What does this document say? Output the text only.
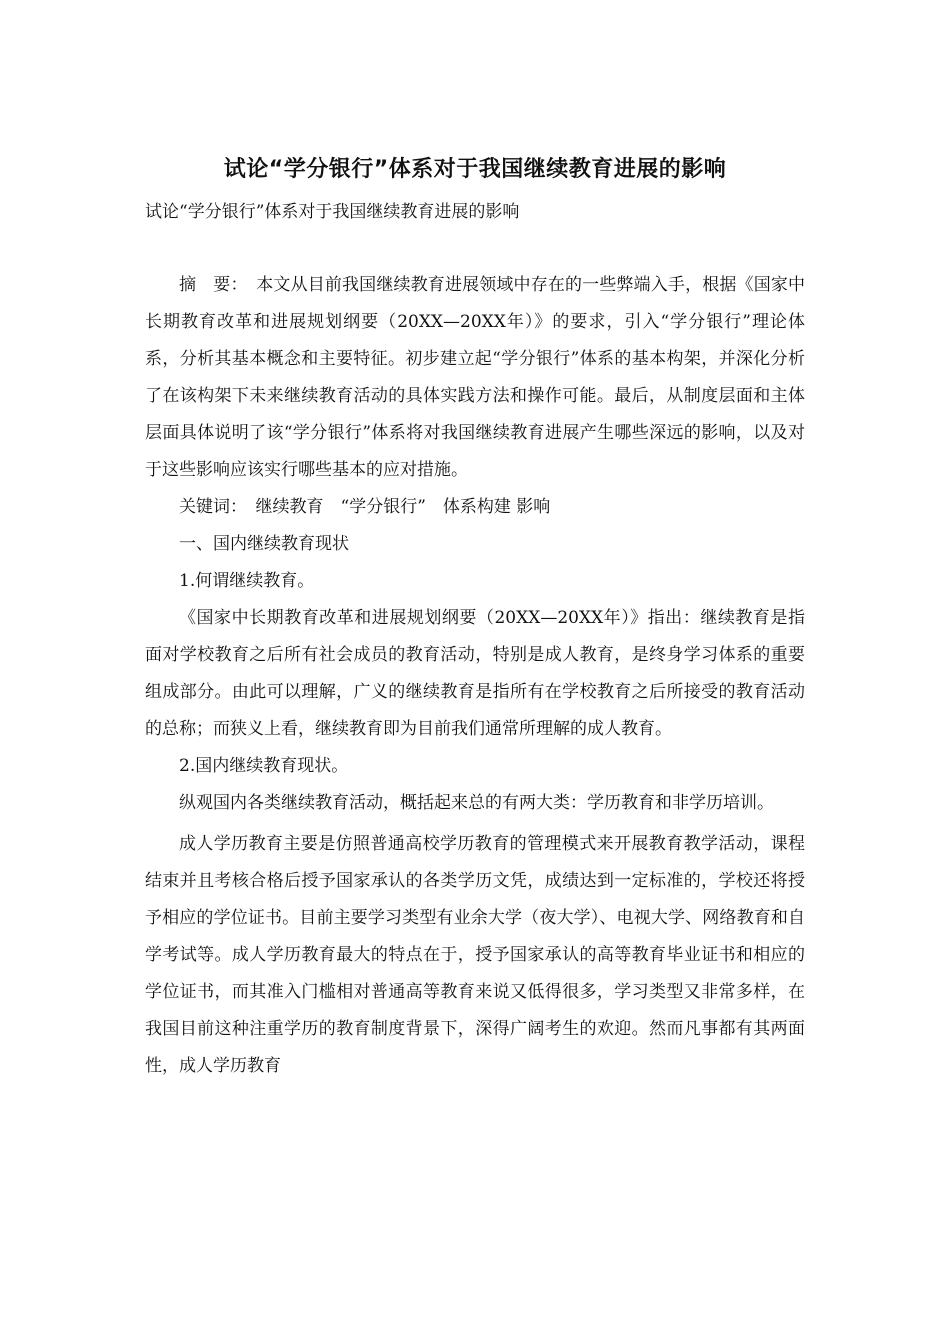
试论“学分银行”体系对于我国继续教育进展的影响
试论“学分银行”体系对于我国继续教育进展的影响

摘　要：　本文从目前我国继续教育进展领域中存在的一些弊端入手，根据《国家中长期教育改革和进展规划纲要（20XX—20XX年）》的要求，引入“学分银行”理论体系，分析其基本概念和主要特征。初步建立起“学分银行”体系的基本构架，并深化分析了在该构架下未来继续教育活动的具体实践方法和操作可能。最后，从制度层面和主体层面具体说明了该“学分银行”体系将对我国继续教育进展产生哪些深远的影响，以及对于这些影响应该实行哪些基本的应对措施。

关键词：　继续教育　“学分银行”　体系构建 影响

一、国内继续教育现状

1.何谓继续教育。

《国家中长期教育改革和进展规划纲要（20XX—20XX年）》指出：继续教育是指面对学校教育之后所有社会成员的教育活动，特别是成人教育，是终身学习体系的重要组成部分。由此可以理解，广义的继续教育是指所有在学校教育之后所接受的教育活动的总称；而狭义上看，继续教育即为目前我们通常所理解的成人教育。

2.国内继续教育现状。

纵观国内各类继续教育活动，概括起来总的有两大类：学历教育和非学历培训。

成人学历教育主要是仿照普通高校学历教育的管理模式来开展教育教学活动，课程结束并且考核合格后授予国家承认的各类学历文凭，成绩达到一定标准的，学校还将授予相应的学位证书。目前主要学习类型有业余大学（夜大学）、电视大学、网络教育和自学考试等。成人学历教育最大的特点在于，授予国家承认的高等教育毕业证书和相应的学位证书，而其准入门槛相对普通高等教育来说又低得很多，学习类型又非常多样，在我国目前这种注重学历的教育制度背景下，深得广阔考生的欢迎。然而凡事都有其两面性，成人学历教育
